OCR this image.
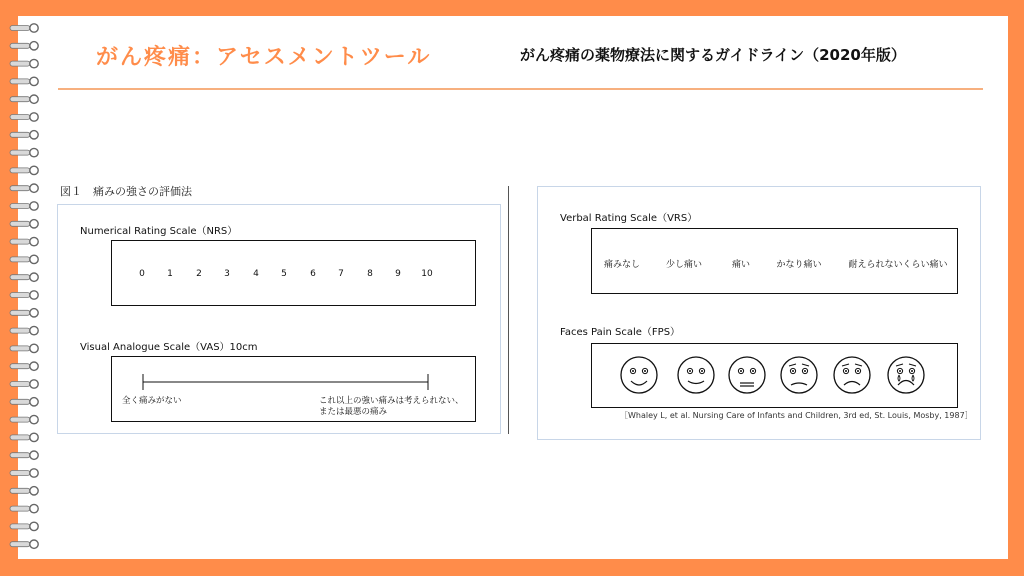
がん疼痛：アセスメントツール	がん疼痛の薬物療法に関するガイドライン（2020年版）
図１　痛みの強さの評価法
Numerical Rating Scale（NRS）
0	1	2	3	4	5	6	7	8	9	10
Visual Analogue Scale（VAS）10cm
全く痛みがない	これ以上の強い痛みは考えられない、
または最悪の痛み
Verbal Rating Scale（VRS）
痛みなし	少し痛い	痛い	かなり痛い	耐えられないくらい痛い
Faces Pain Scale（FPS）
［Whaley L, et al. Nursing Care of Infants and Children, 3rd ed, St. Louis, Mosby, 1987］
